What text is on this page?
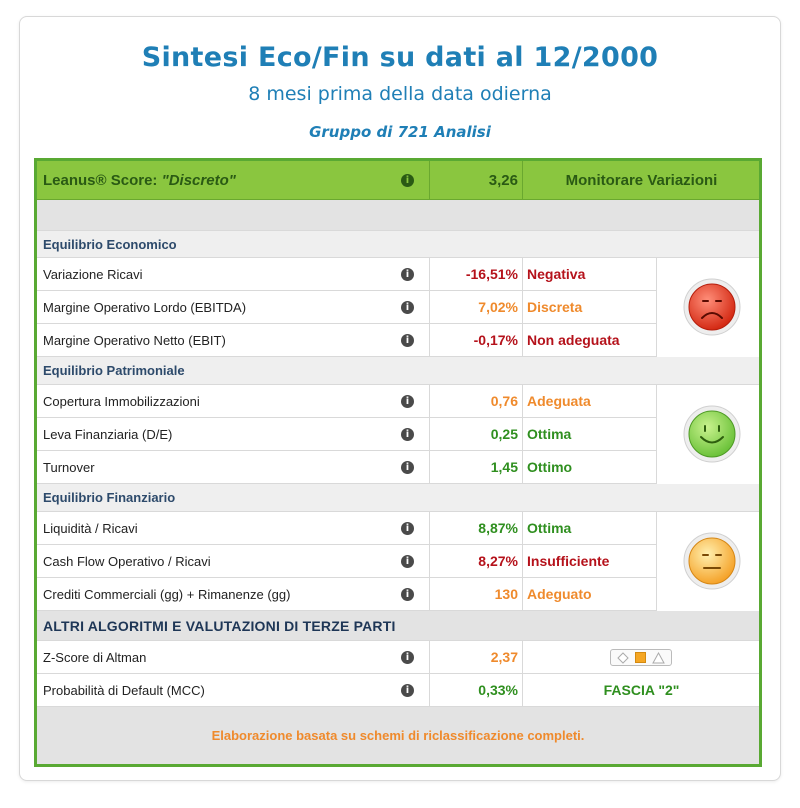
Sintesi Eco/Fin su dati al 12/2000
8 mesi prima della data odierna
Gruppo di 721 Analisi
Leanus® Score:
"Discreto"	i	3,26	Monitorare Variazioni
Equilibrio Economico
Variazione Ricavi	i	-16,51% Negativa
Margine Operativo Lordo (EBITDA)	i	7,02% Discreta
Margine Operativo Netto (EBIT)	i	-0,17% Non adeguata
Equilibrio Patrimoniale
Copertura Immobilizzazioni	i	0,76 Adeguata
Leva Finanziaria (D/E)	i	0,25 Ottima
Turnover	i	1,45 Ottimo
Equilibrio Finanziario
Liquidità / Ricavi	i	8,87% Ottima
Cash Flow Operativo / Ricavi	i	8,27% Insufficiente
Crediti Commerciali (gg) + Rimanenze (gg)	i	130 Adeguato
ALTRI ALGORITMI E VALUTAZIONI DI TERZE PARTI
Z-Score di Altman	i	2,37
Probabilità di Default (MCC)	i	0,33%	FASCIA "2"
Elaborazione basata su schemi di riclassificazione completi.
